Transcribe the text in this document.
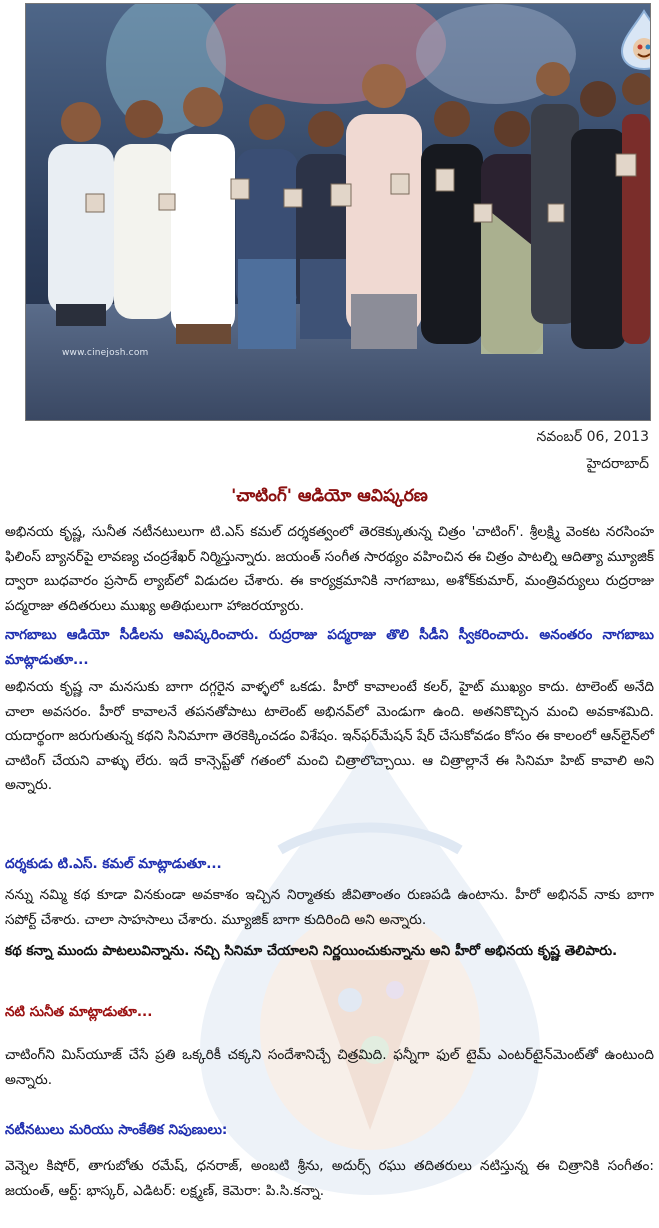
www.cinejosh.com
నవంబర్ 06, 2013
హైదరాబాద్
'చాటింగ్' ఆడియో ఆవిష్కరణ
అభినయ కృష్ణ, సునీత నటీనటులుగా టి.ఎస్ కమల్ దర్శకత్వంలో తెరకెక్కుతున్న చిత్రం 'చాటింగ్'. శ్రీలక్ష్మి వెంకట నరసింహ ఫిలింస్ బ్యానర్‌పై లావణ్య చంద్రశేఖర్ నిర్మిస్తున్నారు. జయంత్ సంగీత సారథ్యం వహించిన ఈ చిత్రం పాటల్ని ఆదిత్యా మ్యూజిక్ ద్వారా బుధవారం ప్రసాద్ ల్యాబ్‌లో విడుదల చేశారు. ఈ కార్యక్రమానికి నాగబాబు, అశోక్‌కుమార్, మంత్రివర్యులు రుద్రరాజు పద్మరాజు తదితరులు ముఖ్య అతిథులుగా హాజరయ్యారు.
నాగబాబు ఆడియో సీడీలను ఆవిష్కరించారు. రుద్రరాజు పద్మరాజు తొలి సీడీని స్వీకరించారు. అనంతరం నాగబాబు మాట్లాడుతూ...
అభినయ కృష్ణ నా మనసుకు బాగా దగ్గరైన వాళ్ళలో ఒకడు. హీరో కావాలంటే కలర్, హైట్ ముఖ్యం కాదు. టాలెంట్ అనేది చాలా అవసరం. హీరో కావాలనే తపనతోపాటు టాలెంట్ అభినవ్‌లో మెండుగా ఉంది. అతనికొచ్చిన మంచి అవకాశమిది. యదార్థంగా జరుగుతున్న కథని సినిమాగా తెరకెక్కించడం విశేషం. ఇన్‌ఫర్‌మేషన్ షేర్ చేసుకోవడం కోసం ఈ కాలంలో ఆన్‌లైన్‌లో చాటింగ్ చేయని వాళ్ళు లేరు. ఇదే కాన్సెప్ట్‌తో గతంలో మంచి చిత్రాలొచ్చాయి. ఆ చిత్రాల్లానే ఈ సినిమా హిట్ కావాలి అని అన్నారు.
దర్శకుడు టి.ఎస్. కమల్ మాట్లాడుతూ...
నన్ను నమ్మి కథ కూడా వినకుండా అవకాశం ఇచ్చిన నిర్మాతకు జీవితాంతం రుణపడి ఉంటాను. హీరో అభినవ్ నాకు బాగా సపోర్ట్ చేశారు. చాలా సాహసాలు చేశారు. మ్యూజిక్ బాగా కుదిరింది అని అన్నారు.
కథ కన్నా ముందు పాటలువిన్నాను. నచ్చి సినిమా చేయాలని నిర్ణయించుకున్నాను అని హీరో అభినయ కృష్ణ తెలిపారు.
నటి సునీత మాట్లాడుతూ...
చాటింగ్‌ని మిస్‌యూజ్ చేసే ప్రతి ఒక్కరికీ చక్కని సందేశానిచ్చే చిత్రమిది. ఫన్నీగా ఫుల్ టైమ్ ఎంటర్‌టైన్‌మెంట్‌తో ఉంటుంది అన్నారు.
నటీనటులు మరియు సాంకేతిక నిపుణులు:
వెన్నెల కిషోర్, తాగుబోతు రమేష్, ధనరాజ్, అంబటి శ్రీను, అదుర్స్ రఘు తదితరులు నటిస్తున్న ఈ చిత్రానికి సంగీతం: జయంత్, ఆర్ట్: భాస్కర్, ఎడిటర్: లక్ష్మణ్, కెమెరా: పి.సి.కన్నా.
